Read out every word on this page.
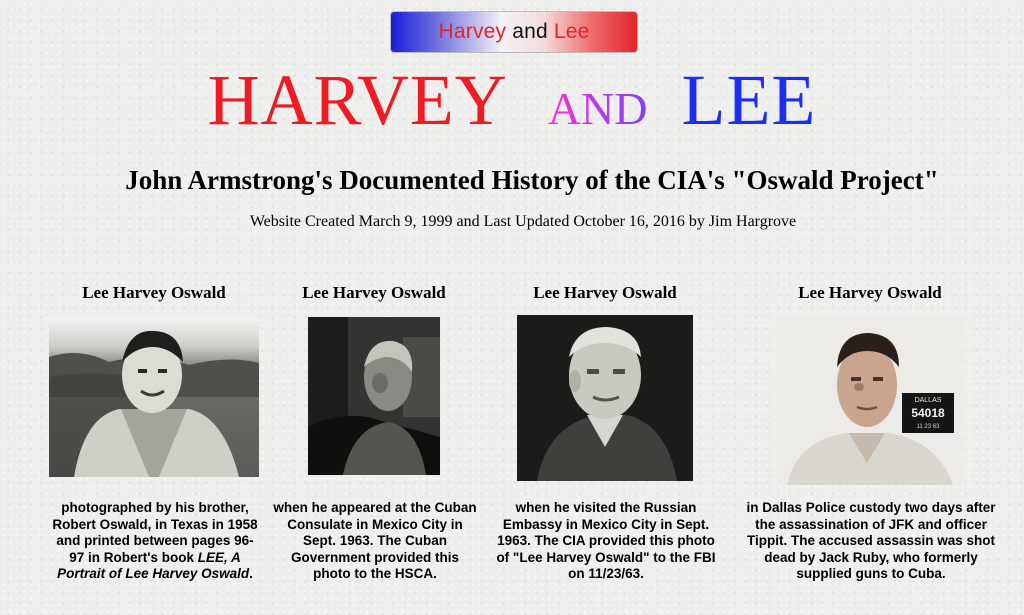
Harvey and Lee
HARVEY AND LEE
John Armstrong's Documented History of the CIA's "Oswald Project"
Website Created March 9, 1999 and Last Updated October 16, 2016 by Jim Hargrove
Lee Harvey Oswald
photographed by his brother, Robert Oswald, in Texas in 1958 and printed between pages 96-97 in Robert's book LEE, A Portrait of Lee Harvey Oswald.
Lee Harvey Oswald
when he appeared at the Cuban Consulate in Mexico City in Sept. 1963. The Cuban Government provided this photo to the HSCA.
Lee Harvey Oswald
when he visited the Russian Embassy in Mexico City in Sept. 1963. The CIA provided this photo of "Lee Harvey Oswald" to the FBI on 11/23/63.
Lee Harvey Oswald
DALLAS
54018
11 23 63
in Dallas Police custody two days after the assassination of JFK and officer Tippit. The accused assassin was shot dead by Jack Ruby, who formerly supplied guns to Cuba.
